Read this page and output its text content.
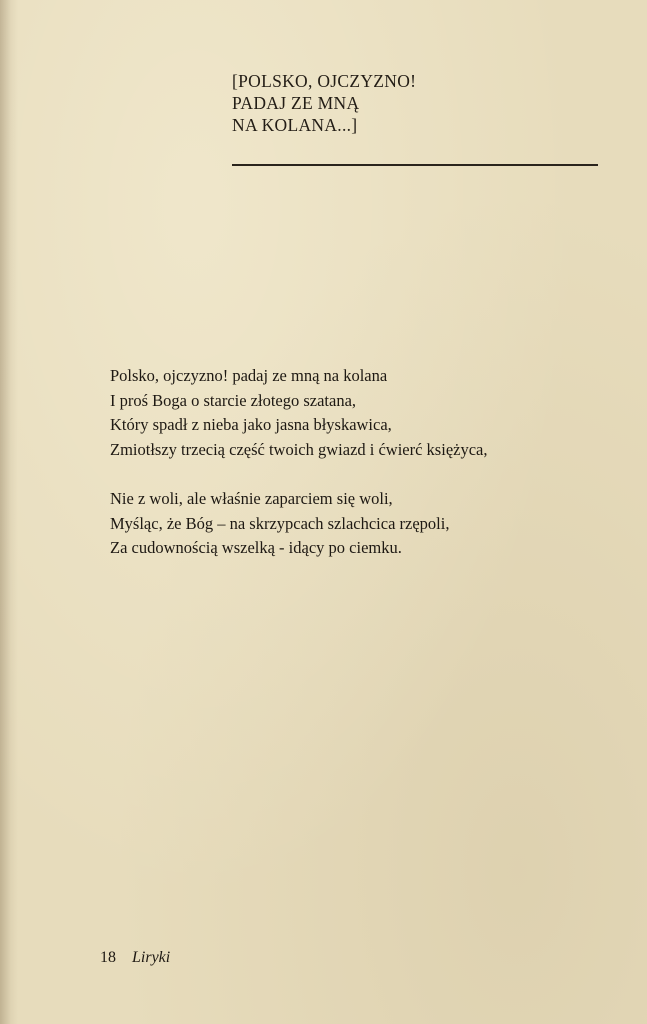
[POLSKO, OJCZYZNO!
PADAJ ZE MNĄ
NA KOLANA...]
Polsko, ojczyzno! padaj ze mną na kolana
I proś Boga o starcie złotego szatana,
Który spadł z nieba jako jasna błyskawica,
Zmiotłszy trzecią część twoich gwiazd i ćwierć księżyca,
Nie z woli, ale właśnie zaparciem się woli,
Myśląc, że Bóg – na skrzypcach szlachcica rzępoli,
Za cudownością wszelką - idący po ciemku.
18 Liryki
